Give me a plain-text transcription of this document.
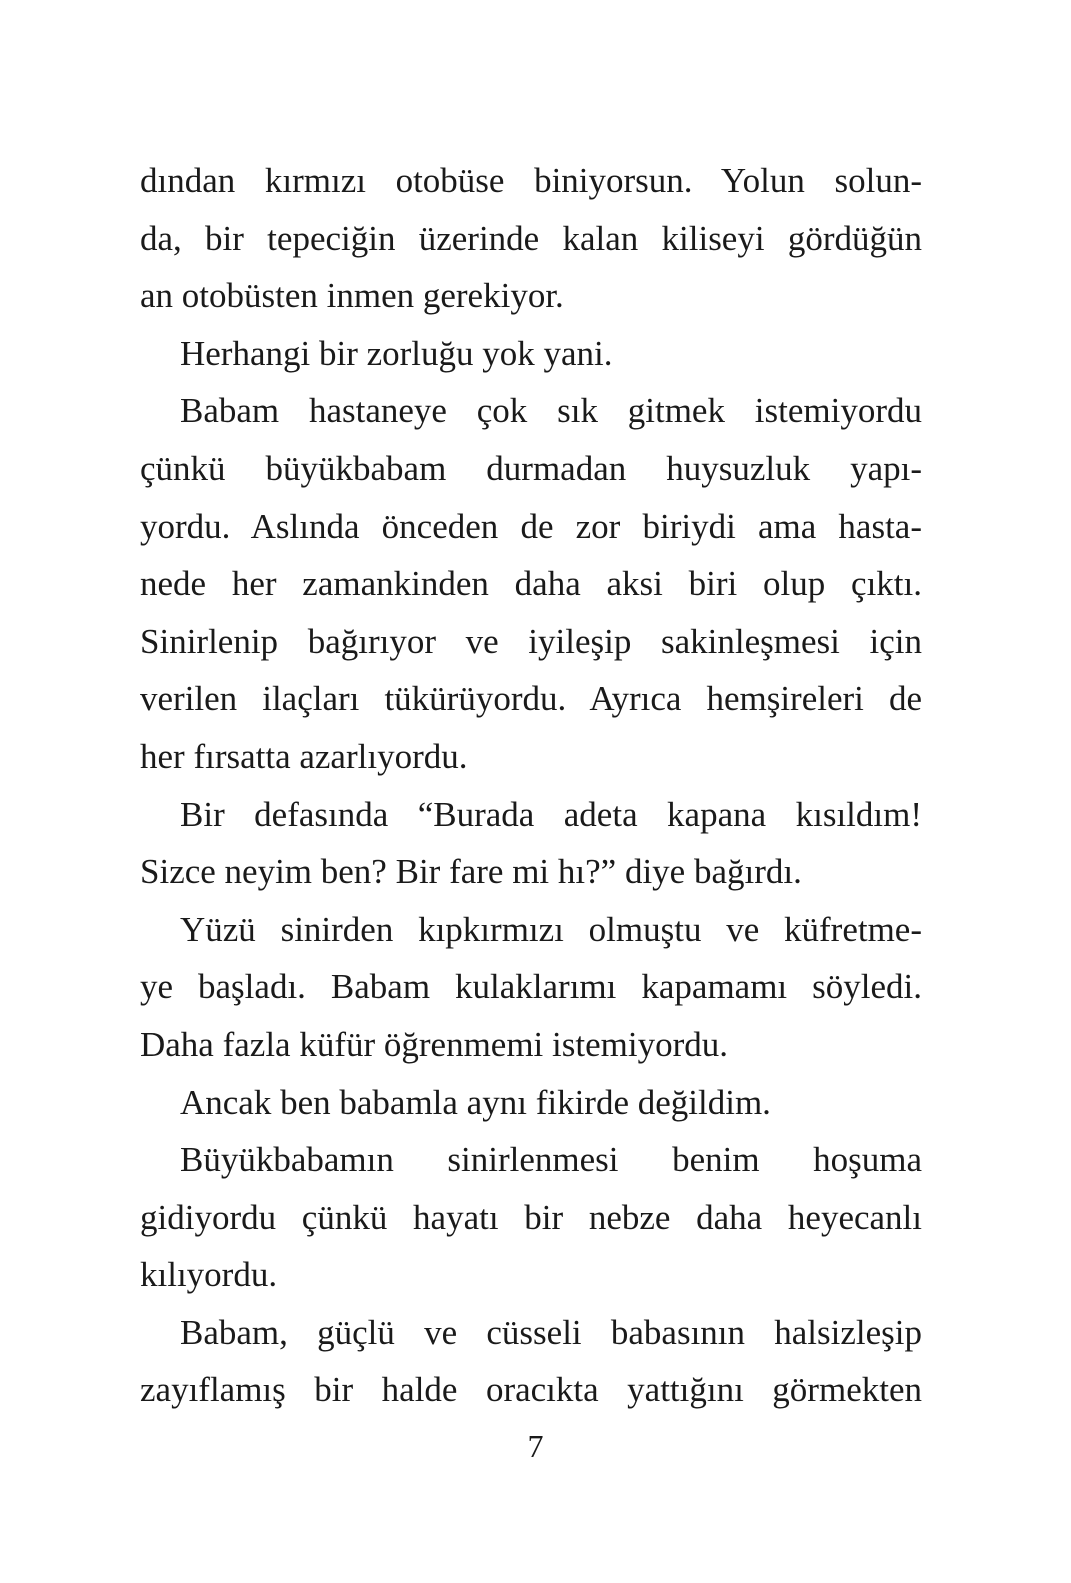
dından kırmızı otobüse biniyorsun. Yolun solun-
da, bir tepeciğin üzerinde kalan kiliseyi gördüğün
an otobüsten inmen gerekiyor.
Herhangi bir zorluğu yok yani.
Babam hastaneye çok sık gitmek istemiyordu
çünkü büyükbabam durmadan huysuzluk yapı-
yordu. Aslında önceden de zor biriydi ama hasta-
nede her zamankinden daha aksi biri olup çıktı.
Sinirlenip bağırıyor ve iyileşip sakinleşmesi için
verilen ilaçları tükürüyordu. Ayrıca hemşireleri de
her fırsatta azarlıyordu.
Bir defasında “Burada adeta kapana kısıldım!
Sizce neyim ben? Bir fare mi hı?” diye bağırdı.
Yüzü sinirden kıpkırmızı olmuştu ve küfretme-
ye başladı. Babam kulaklarımı kapamamı söyledi.
Daha fazla küfür öğrenmemi istemiyordu.
Ancak ben babamla aynı fikirde değildim.
Büyükbabamın sinirlenmesi benim hoşuma
gidiyordu çünkü hayatı bir nebze daha heyecanlı
kılıyordu.
Babam, güçlü ve cüsseli babasının halsizleşip
zayıflamış bir halde oracıkta yattığını görmekten
7
